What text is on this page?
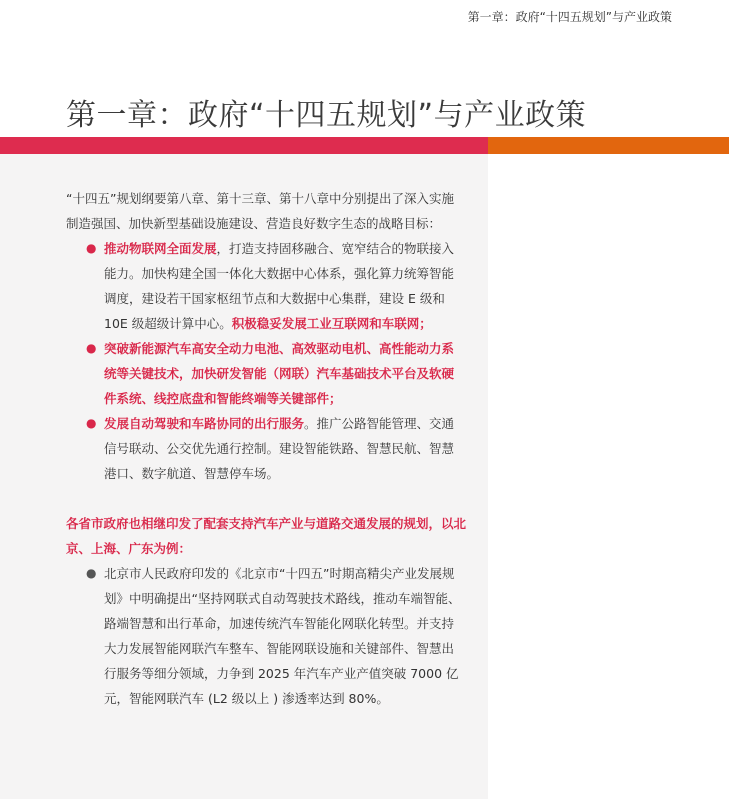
第一章：政府“十四五规划”与产业政策
第一章：政府“十四五规划”与产业政策

“十四五”规划纲要第八章、第十三章、第十八章中分别提出了深入实施制造强国、加快新型基础设施建设、营造良好数字生态的战略目标：

● 推动物联网全面发展，打造支持固移融合、宽窄结合的物联接入能力。加快构建全国一体化大数据中心体系，强化算力统筹智能调度，建设若干国家枢纽节点和大数据中心集群，建设 E 级和 10E 级超级计算中心。积极稳妥发展工业互联网和车联网；
● 突破新能源汽车高安全动力电池、高效驱动电机、高性能动力系统等关键技术，加快研发智能（网联）汽车基础技术平台及软硬件系统、线控底盘和智能终端等关键部件；
● 发展自动驾驶和车路协同的出行服务。推广公路智能管理、交通信号联动、公交优先通行控制。建设智能铁路、智慧民航、智慧港口、数字航道、智慧停车场。

各省市政府也相继印发了配套支持汽车产业与道路交通发展的规划，以北京、上海、广东为例：

● 北京市人民政府印发的《北京市“十四五”时期高精尖产业发展规划》中明确提出“坚持网联式自动驾驶技术路线，推动车端智能、路端智慧和出行革命，加速传统汽车智能化网联化转型。并支持大力发展智能网联汽车整车、智能网联设施和关键部件、智慧出行服务等细分领域，力争到 2025 年汽车产业产值突破 7000 亿元，智能网联汽车 (L2 级以上 ) 渗透率达到 80%。
